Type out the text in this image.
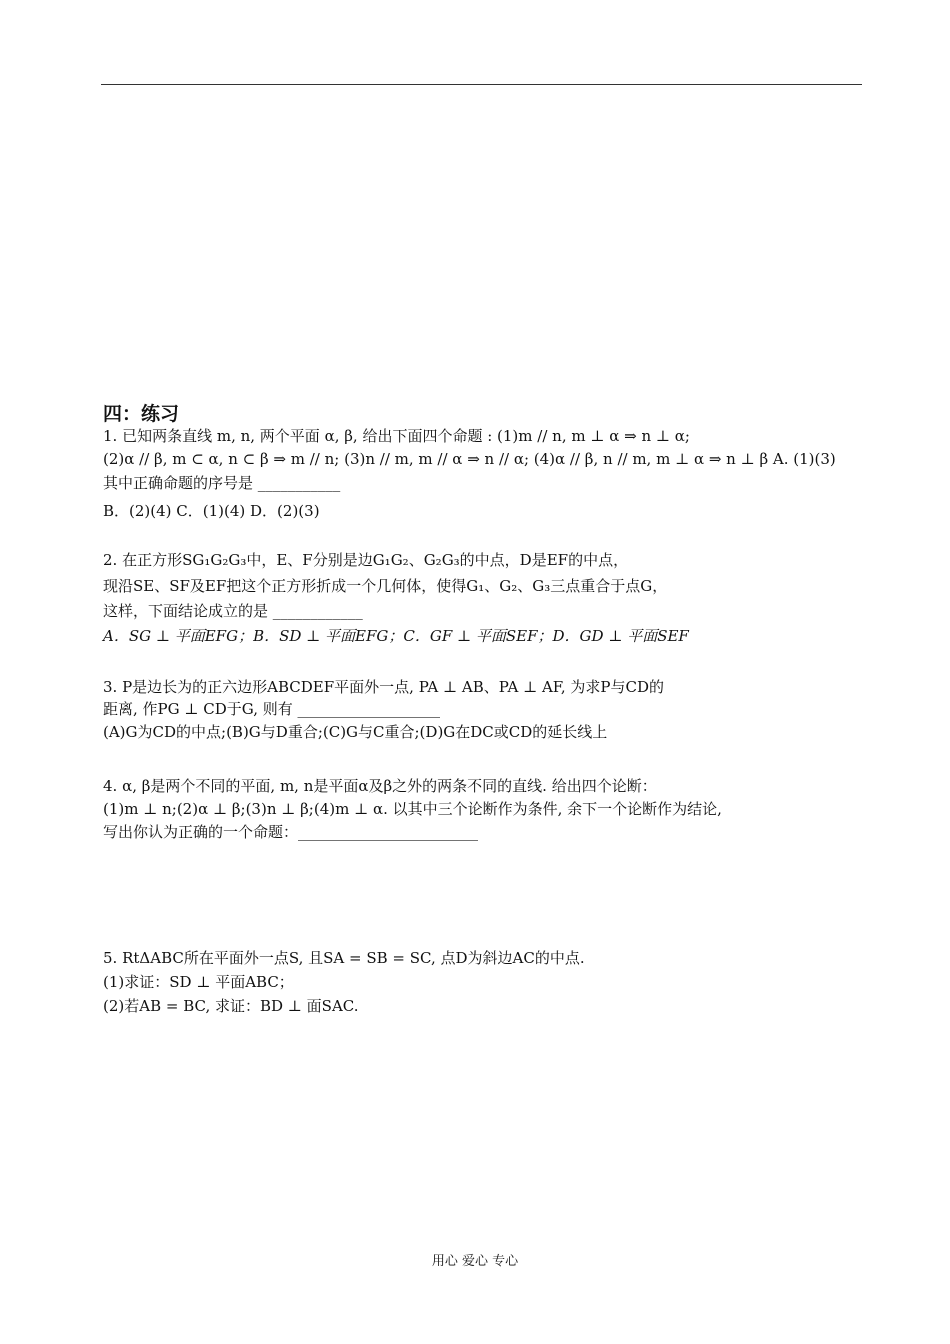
四：练习
1. 已知两条直线 m, n, 两个平面 α, β, 给出下面四个命题 : (1)m // n, m ⊥ α ⇒ n ⊥ α;
(2)α // β, m ⊂ α, n ⊂ β ⇒ m // n; (3)n // m, m // α ⇒ n // α; (4)α // β, n // m, m ⊥ α ⇒ n ⊥ β A. (1)(3)
其中正确命题的序号是 ___________
B．(2)(4) C．(1)(4) D．(2)(3)
2. 在正方形SG₁G₂G₃中，E、F分别是边G₁G₂、G₂G₃的中点，D是EF的中点，
现沿SE、SF及EF把这个正方形折成一个几何体，使得G₁、G₂、G₃三点重合于点G，
这样，下面结论成立的是 ____________
A．SG ⊥ 平面EFG；B．SD ⊥ 平面EFG；C．GF ⊥ 平面SEF；D．GD ⊥ 平面SEF
3. P是边长为的正六边形ABCDEF平面外一点, PA ⊥ AB、PA ⊥ AF, 为求P与CD的
距离, 作PG ⊥ CD于G, 则有 ___________________
(A)G为CD的中点;(B)G与D重合;(C)G与C重合;(D)G在DC或CD的延长线上
4. α, β是两个不同的平面, m, n是平面α及β之外的两条不同的直线. 给出四个论断：
(1)m ⊥ n;(2)α ⊥ β;(3)n ⊥ β;(4)m ⊥ α. 以其中三个论断作为条件, 余下一个论断作为结论,
写出你认为正确的一个命题：________________________
5. RtΔABC所在平面外一点S, 且SA = SB = SC, 点D为斜边AC的中点.
(1)求证：SD ⊥ 平面ABC；
(2)若AB = BC, 求证：BD ⊥ 面SAC.
用心 爱心 专心
